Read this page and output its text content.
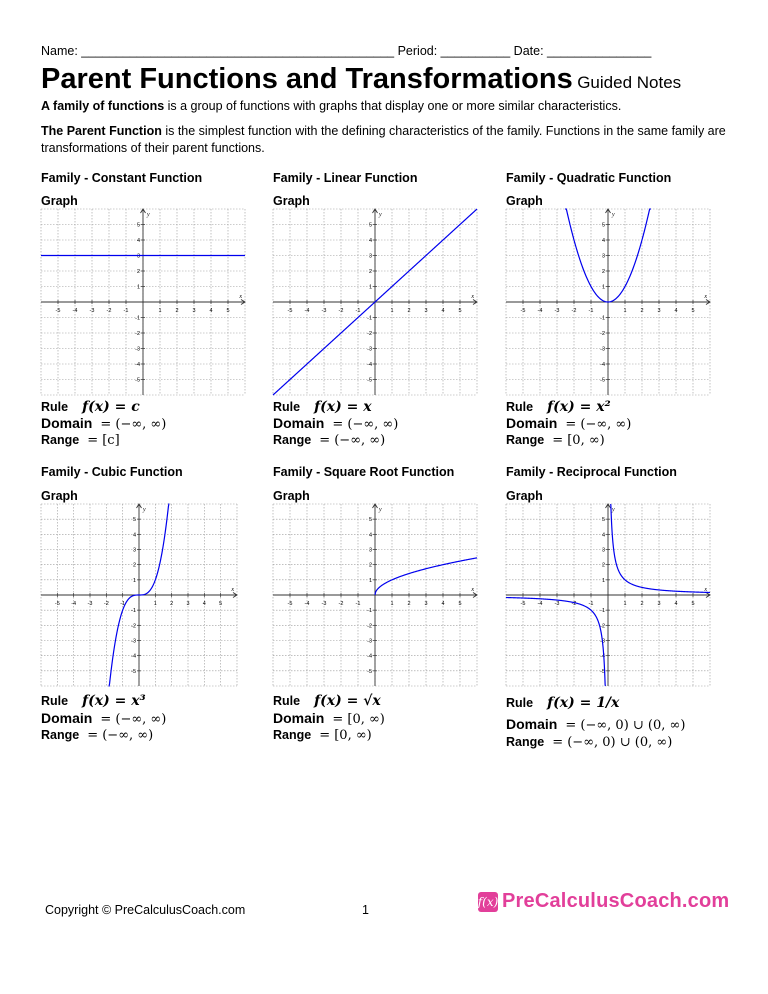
Name: _____________________________________________ Period: __________ Date: _______________
Parent Functions and Transformations Guided Notes
A family of functions is a group of functions with graphs that display one or more similar characteristics.
The Parent Function is the simplest function with the defining characteristics of the family. Functions in the same family are transformations of their parent functions.
Family - Constant Function
Graph
-5
-5
-4
-4
-3
-3
-2
-2
-1
-1
1
1
2
2
3
3
4
4
5
5
x
y
Rule f(x) = c
Domain = (−∞, ∞)
Range = [c]
Family - Linear Function
Graph
-5
-5
-4
-4
-3
-3
-2
-2
-1
-1
1
1
2
2
3
3
4
4
5
5
x
y
Rule f(x) = x
Domain = (−∞, ∞)
Range = (−∞, ∞)
Family - Quadratic Function
Graph
-5
-5
-4
-4
-3
-3
-2
-2
-1
-1
1
1
2
2
3
3
4
4
5
5
x
y
Rule f(x) = x²
Domain = (−∞, ∞)
Range = [0, ∞)
Family - Cubic Function
Graph
-5
-5
-4
-4
-3
-3
-2
-2
-1
-1
1
1
2
2
3
3
4
4
5
5
x
y
Rule f(x) = x³
Domain = (−∞, ∞)
Range = (−∞, ∞)
Family - Square Root Function
Graph
-5
-5
-4
-4
-3
-3
-2
-2
-1
-1
1
1
2
2
3
3
4
4
5
5
x
y
Rule f(x) = √x
Domain = [0, ∞)
Range = [0, ∞)
Family - Reciprocal Function
Graph
-5
-5
-4
-4
-3
-3
-2
-2
-1
-1
1
1
2
2
3
3
4
4
5
5
x
y
Rule f(x) = 1/x
Domain = (−∞, 0) ∪ (0, ∞)
Range = (−∞, 0) ∪ (0, ∞)
Copyright © PreCalculusCoach.com	1
f(x) PreCalculusCoach.com
